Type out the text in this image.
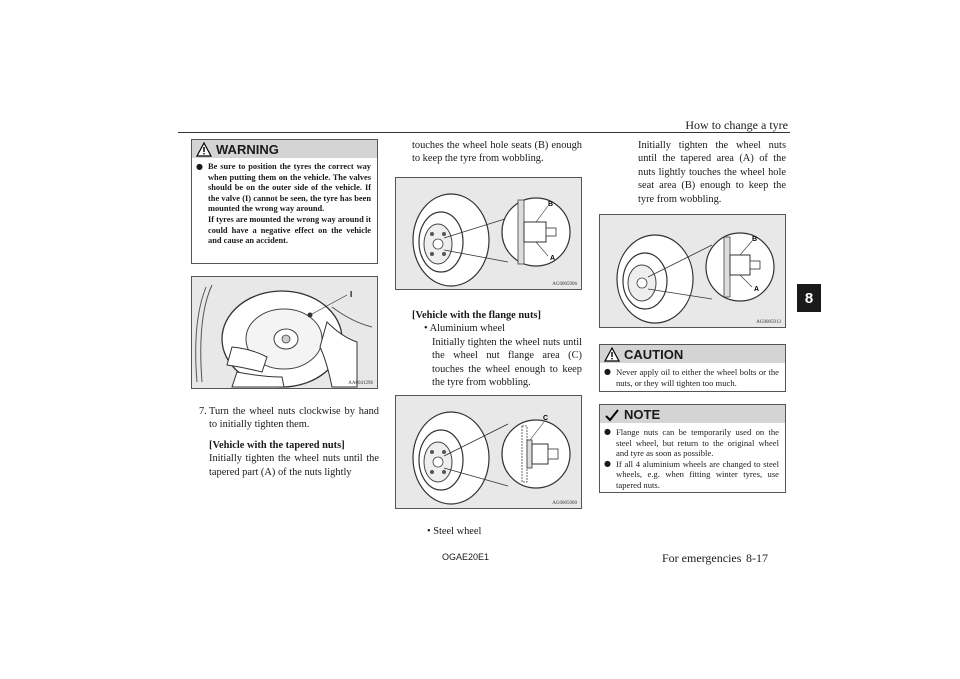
How to change a tyre
8
WARNING
● Be sure to position the tyres the correct way when putting them on the vehicle. The valves should be on the outer side of the vehicle. If the valve (I) cannot be seen, the tyre has been mounted the wrong way around.
If tyres are mounted the wrong way around it could have a negative effect on the vehicle and cause an accident.
I
AA0041296
7. Turn the wheel nuts clockwise by hand to initially tighten them.
[Vehicle with the tapered nuts]
Initially tighten the wheel nuts until the tapered part (A) of the nuts lightly
touches the wheel hole seats (B) enough to keep the tyre from wobbling.
B
A
AG0005906
[Vehicle with the flange nuts]
• Aluminium wheel
Initially tighten the wheel nuts until the wheel nut flange area (C) touches the wheel enough to keep the tyre from wobbling.
C
AG0005900
• Steel wheel
Initially tighten the wheel nuts until the tapered area (A) of the nuts lightly touches the wheel hole seat area (B) enough to keep the tyre from wobbling.
B
A
AG0005913
CAUTION
● Never apply oil to either the wheel bolts or the nuts, or they will tighten too much.
NOTE
● Flange nuts can be temporarily used on the steel wheel, but return to the original wheel and tyre as soon as possible.
● If all 4 aluminium wheels are changed to steel wheels, e.g. when fitting winter tyres, use tapered nuts.
OGAE20E1	For emergencies 8-17
